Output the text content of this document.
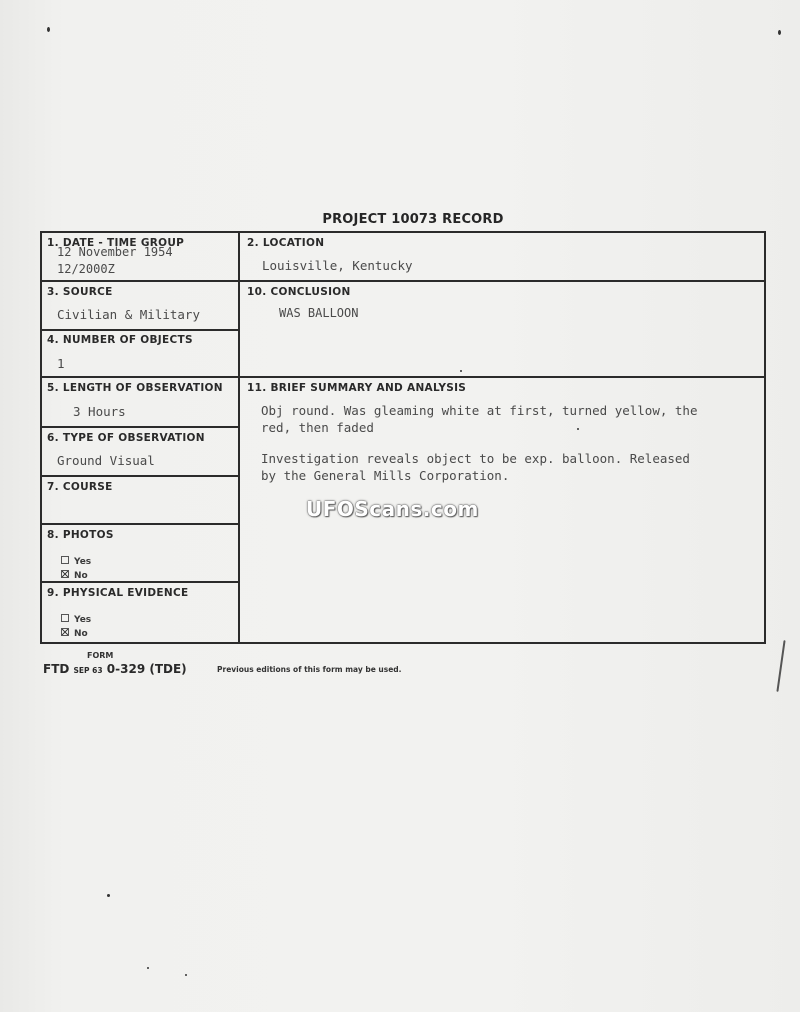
PROJECT 10073 RECORD
1. DATE - TIME GROUP
12 November 1954
12/2000Z
2. LOCATION
Louisville, Kentucky
3. SOURCE
Civilian & Military
10. CONCLUSION
WAS BALLOON
4. NUMBER OF OBJECTS
1
5. LENGTH OF OBSERVATION
3 Hours
11. BRIEF SUMMARY AND ANALYSIS
Obj round. Was gleaming white at first, turned yellow, the
red, then faded
Investigation reveals object to be exp. balloon. Released
by the General Mills Corporation.
6. TYPE OF OBSERVATION
Ground Visual
7. COURSE
8. PHOTOS
Yes
No
9. PHYSICAL EVIDENCE
Yes
No
UFOScans.com
FORM
FTD SEP 63 0-329 (TDE)	Previous editions of this form may be used.
